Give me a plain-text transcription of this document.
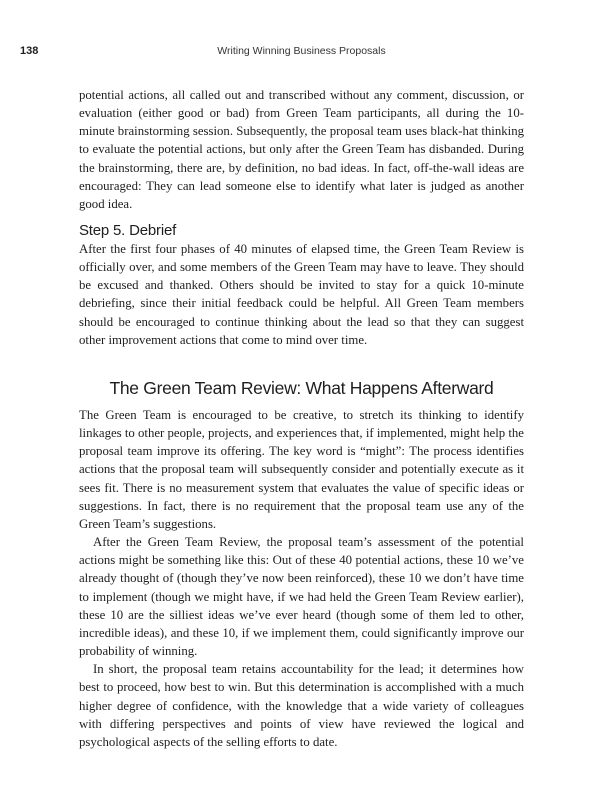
138	Writing Winning Business Proposals

potential actions, all called out and transcribed without any comment, discussion, or evaluation (either good or bad) from Green Team participants, all during the 10-minute brainstorming session. Subsequently, the proposal team uses black-hat thinking to evaluate the potential actions, but only after the Green Team has disbanded. During the brainstorming, there are, by definition, no bad ideas. In fact, off-the-wall ideas are encouraged: They can lead someone else to identify what later is judged as another good idea.

Step 5. Debrief

After the first four phases of 40 minutes of elapsed time, the Green Team Review is officially over, and some members of the Green Team may have to leave. They should be excused and thanked. Others should be invited to stay for a quick 10-minute debriefing, since their initial feedback could be helpful. All Green Team members should be encouraged to continue thinking about the lead so that they can suggest other improvement actions that come to mind over time.

The Green Team Review: What Happens Afterward

The Green Team is encouraged to be creative, to stretch its thinking to identify linkages to other people, projects, and experiences that, if implemented, might help the proposal team improve its offering. The key word is “might”: The process identifies actions that the proposal team will subsequently consider and potentially execute as it sees fit. There is no measurement system that evaluates the value of specific ideas or suggestions. In fact, there is no requirement that the proposal team use any of the Green Team’s suggestions.

After the Green Team Review, the proposal team’s assessment of the potential actions might be something like this: Out of these 40 potential actions, these 10 we’ve already thought of (though they’ve now been reinforced), these 10 we don’t have time to implement (though we might have, if we had held the Green Team Review earlier), these 10 are the silliest ideas we’ve ever heard (though some of them led to other, incredible ideas), and these 10, if we implement them, could significantly improve our probability of winning.

In short, the proposal team retains accountability for the lead; it determines how best to proceed, how best to win. But this determination is accomplished with a much higher degree of confidence, with the knowledge that a wide variety of colleagues with differing perspectives and points of view have reviewed the logical and psychological aspects of the selling efforts to date.
